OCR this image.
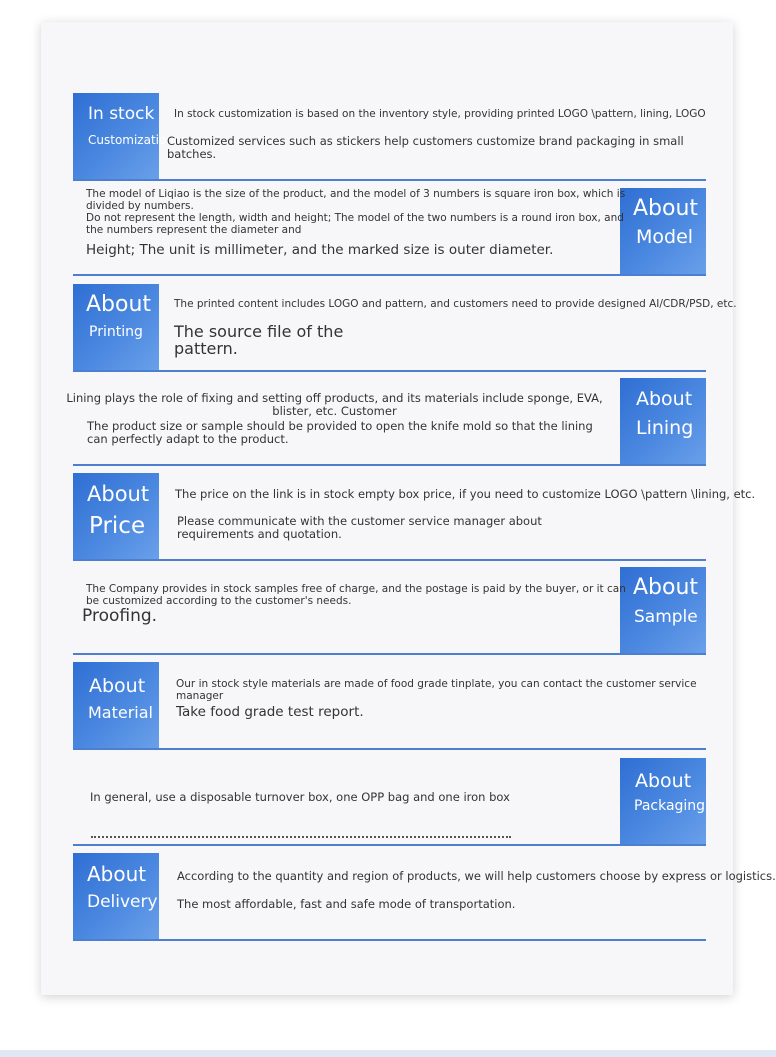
In stock
Customization
In stock customization is based on the inventory style, providing printed LOGO \pattern, lining, LOGO
Customized services such as stickers help customers customize brand packaging in small batches.
About
Model
The model of Liqiao is the size of the product, and the model of 3 numbers is square iron box, which is divided by numbers.
Do not represent the length, width and height; The model of the two numbers is a round iron box, and the numbers represent the diameter and
Height; The unit is millimeter, and the marked size is outer diameter.
About
Printing
The printed content includes LOGO and pattern, and customers need to provide designed AI/CDR/PSD, etc.
The source file of the
pattern.
About
Lining
Lining plays the role of fixing and setting off products, and its materials include sponge, EVA, blister, etc. Customer
The product size or sample should be provided to open the knife mold so that the lining can perfectly adapt to the product.
About
Price
The price on the link is in stock empty box price, if you need to customize LOGO \pattern \lining, etc.
Please communicate with the customer service manager about
requirements and quotation.
About
Sample
The Company provides in stock samples free of charge, and the postage is paid by the buyer, or it can be customized according to the customer's needs.
Proofing.
About
Material
Our in stock style materials are made of food grade tinplate, you can contact the customer service manager
Take food grade test report.
About
Packaging
In general, use a disposable turnover box, one OPP bag and one iron box
About
Delivery
According to the quantity and region of products, we will help customers choose by express or logistics.
The most affordable, fast and safe mode of transportation.
